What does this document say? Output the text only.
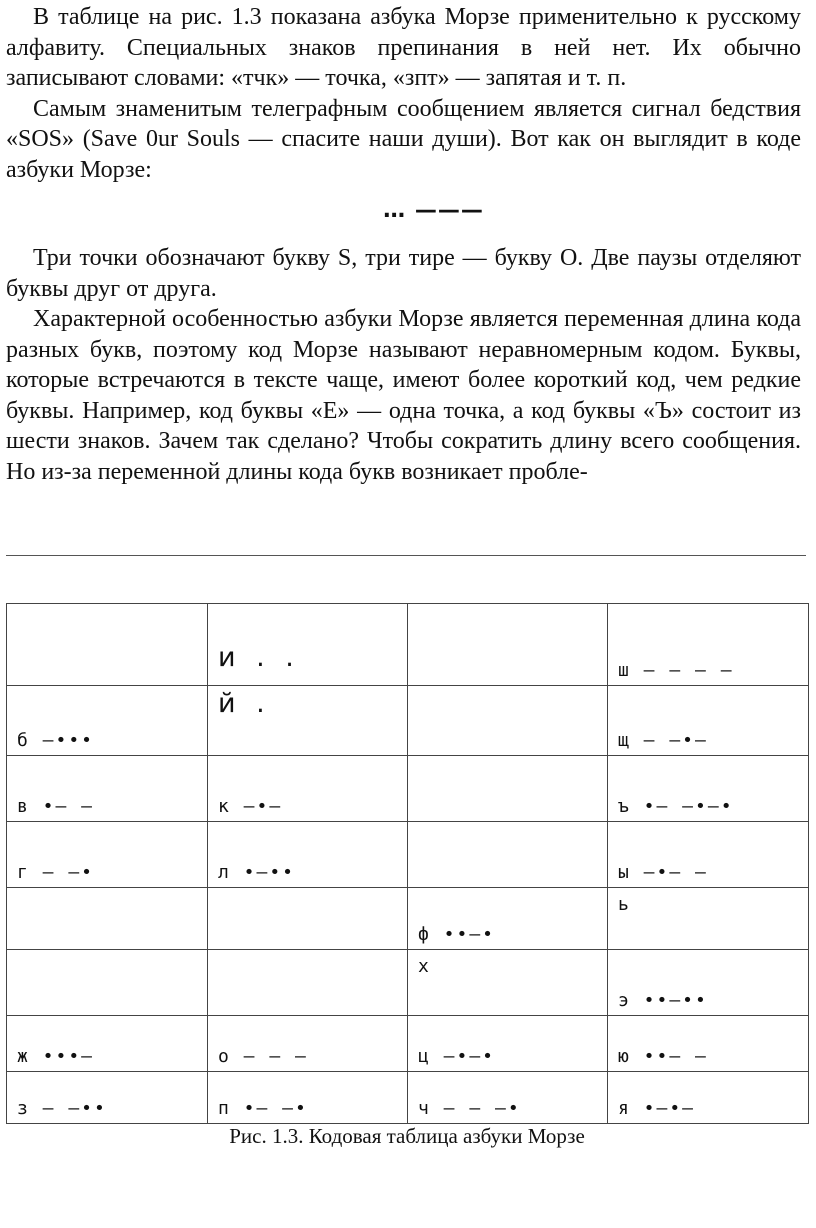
В таблице на рис. 1.3 показана азбука Морзе применительно к русскому алфавиту. Специальных знаков препинания в ней нет. Их обычно записывают словами: «тчк» — точка, «зпт» — запятая и т. п.

Самым знаменитым телеграфным сообщением является сигнал бедствия «SOS» (Save 0ur Souls — спасите наши души). Вот как он выглядит в коде азбуки Морзе:

… ———

Три точки обозначают букву S, три тире — букву О. Две паузы отделяют буквы друг от друга.

Характерной особенностью азбуки Морзе является переменная длина кода разных букв, поэтому код Морзе называют неравномерным кодом. Буквы, которые встречаются в тексте чаще, имеют более короткий код, чем редкие буквы. Например, код буквы «Е» — одна точка, а код буквы «Ъ» состоит из шести знаков. Зачем так сделано? Чтобы сократить длину всего сообщения. Но из-за переменной длины кода букв возникает пробле-

	и . .		ш — — — —
б —•••	й .		щ — —•—
в •— —	к —•—		ъ •— —•—•
г — —•	л •—••		ы —•— —
		ф ••—•	ь
		х	э ••—••
ж •••—	о — — —	ц —•—•	ю ••— —
з — —••	п •— —•	ч — — —•	я •—•—
Рис. 1.3. Кодовая таблица азбуки Морзе
